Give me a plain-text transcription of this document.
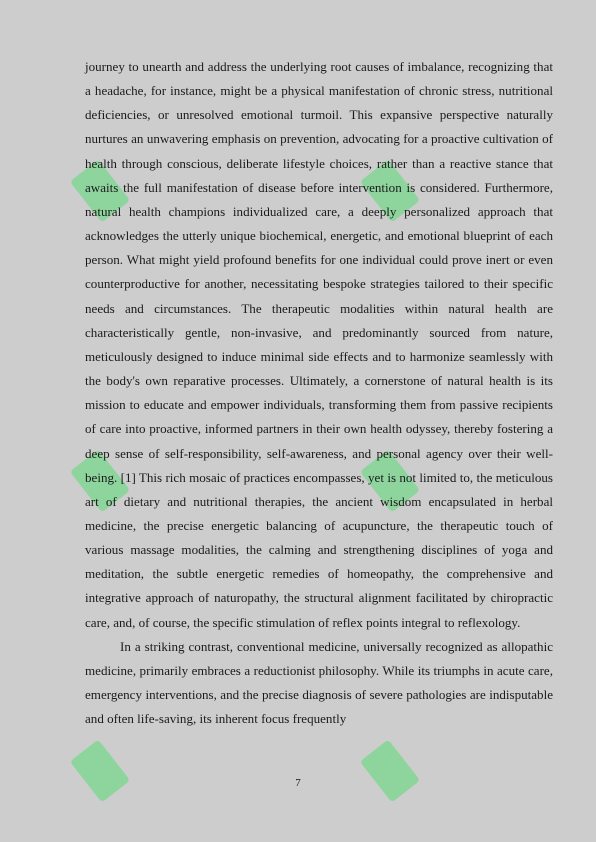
journey to unearth and address the underlying root causes of imbalance, recognizing that a headache, for instance, might be a physical manifestation of chronic stress, nutritional deficiencies, or unresolved emotional turmoil. This expansive perspective naturally nurtures an unwavering emphasis on prevention, advocating for a proactive cultivation of health through conscious, deliberate lifestyle choices, rather than a reactive stance that awaits the full manifestation of disease before intervention is considered. Furthermore, natural health champions individualized care, a deeply personalized approach that acknowledges the utterly unique biochemical, energetic, and emotional blueprint of each person. What might yield profound benefits for one individual could prove inert or even counterproductive for another, necessitating bespoke strategies tailored to their specific needs and circumstances. The therapeutic modalities within natural health are characteristically gentle, non-invasive, and predominantly sourced from nature, meticulously designed to induce minimal side effects and to harmonize seamlessly with the body's own reparative processes. Ultimately, a cornerstone of natural health is its mission to educate and empower individuals, transforming them from passive recipients of care into proactive, informed partners in their own health odyssey, thereby fostering a deep sense of self-responsibility, self-awareness, and personal agency over their well-being. [1] This rich mosaic of practices encompasses, yet is not limited to, the meticulous art of dietary and nutritional therapies, the ancient wisdom encapsulated in herbal medicine, the precise energetic balancing of acupuncture, the therapeutic touch of various massage modalities, the calming and strengthening disciplines of yoga and meditation, the subtle energetic remedies of homeopathy, the comprehensive and integrative approach of naturopathy, the structural alignment facilitated by chiropractic care, and, of course, the specific stimulation of reflex points integral to reflexology.

In a striking contrast, conventional medicine, universally recognized as allopathic medicine, primarily embraces a reductionist philosophy. While its triumphs in acute care, emergency interventions, and the precise diagnosis of severe pathologies are indisputable and often life-saving, its inherent focus frequently

7
